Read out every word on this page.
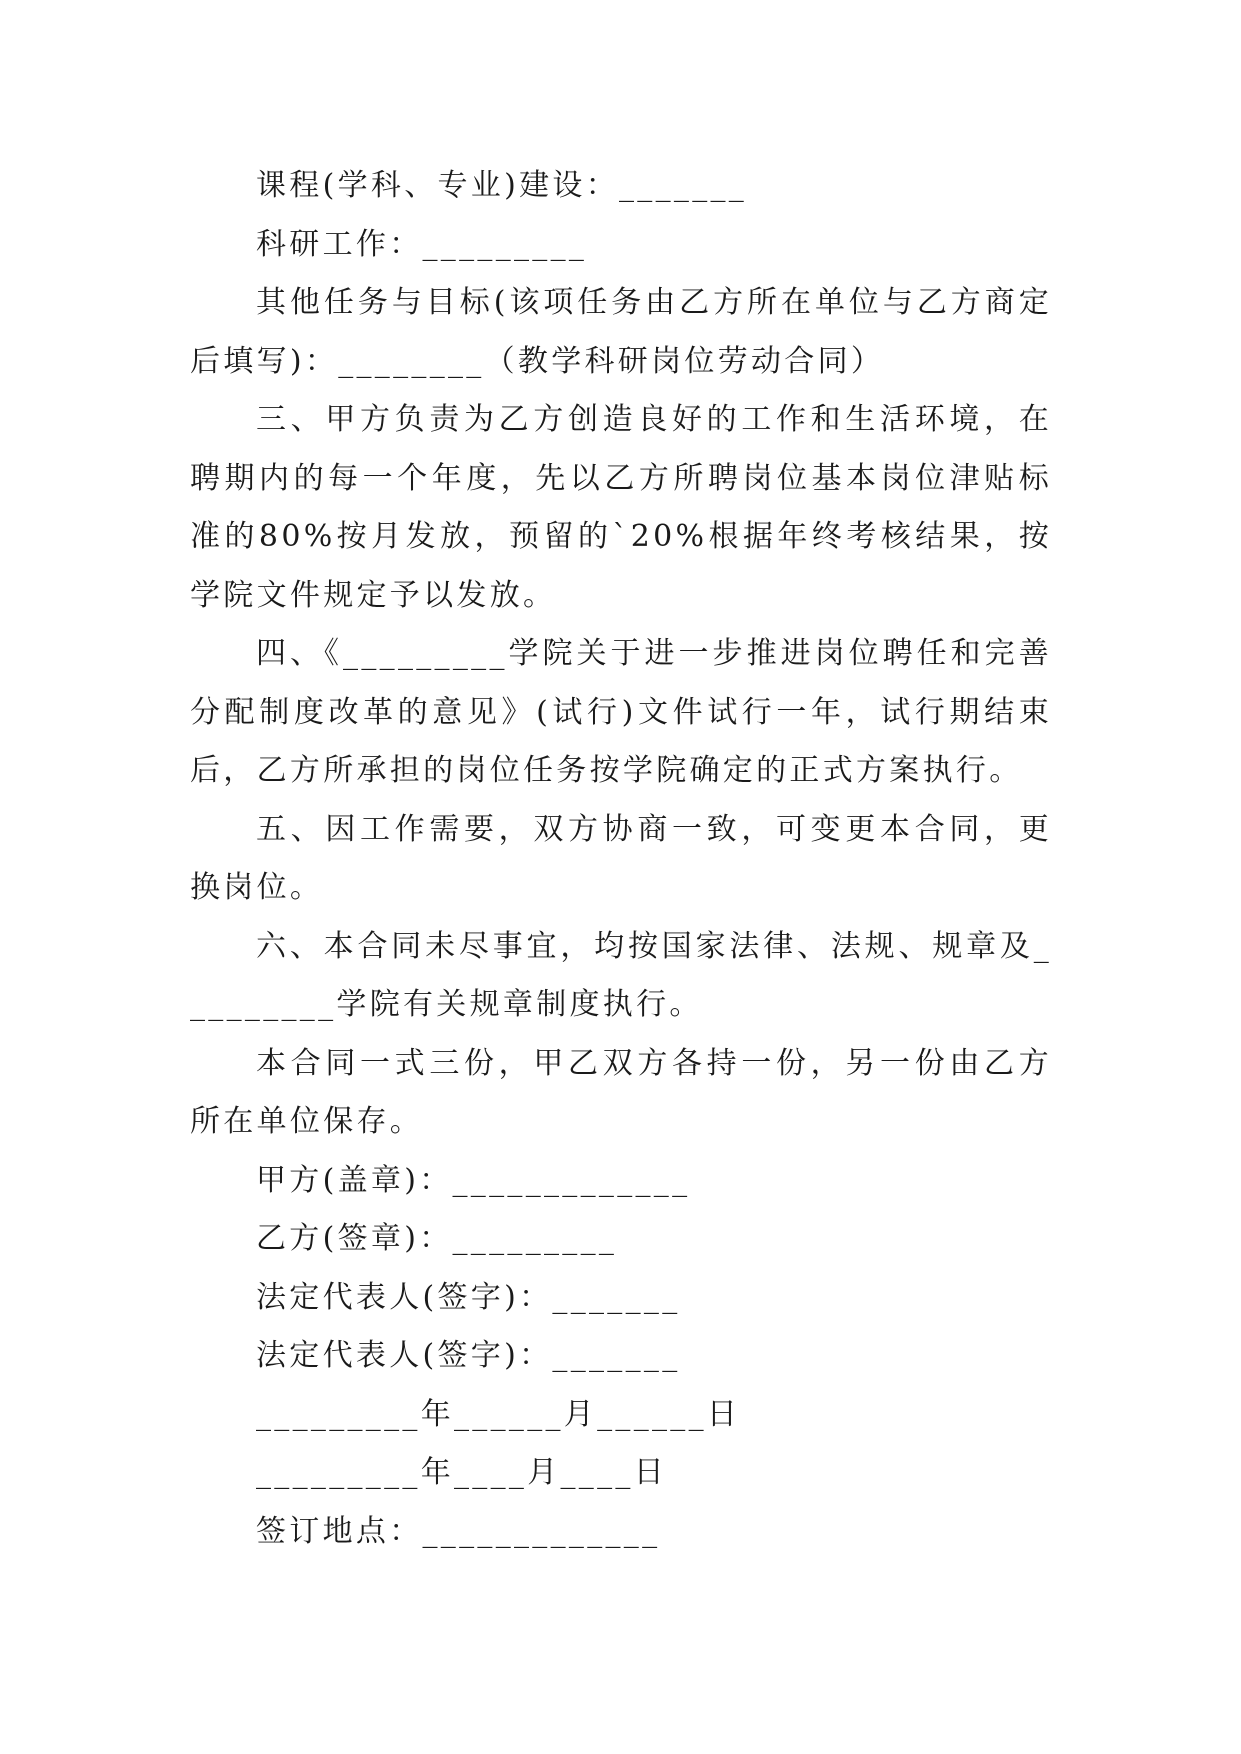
课程(学科、专业)建设：_______

科研工作：_________

其他任务与目标(该项任务由乙方所在单位与乙方商定后填写)：________（教学科研岗位劳动合同）

三、甲方负责为乙方创造良好的工作和生活环境，在聘期内的每一个年度，先以乙方所聘岗位基本岗位津贴标准的80%按月发放，预留的`20%根据年终考核结果，按学院文件规定予以发放。

四、《_________学院关于进一步推进岗位聘任和完善分配制度改革的意见》(试行)文件试行一年，试行期结束后，乙方所承担的岗位任务按学院确定的正式方案执行。

五、因工作需要，双方协商一致，可变更本合同，更换岗位。

六、本合同未尽事宜，均按国家法律、法规、规章及_________学院有关规章制度执行。

本合同一式三份，甲乙双方各持一份，另一份由乙方所在单位保存。

甲方(盖章)：_____________

乙方(签章)：_________

法定代表人(签字)：_______

法定代表人(签字)：_______

_________年______月______日

_________年____月____日

签订地点：_____________
